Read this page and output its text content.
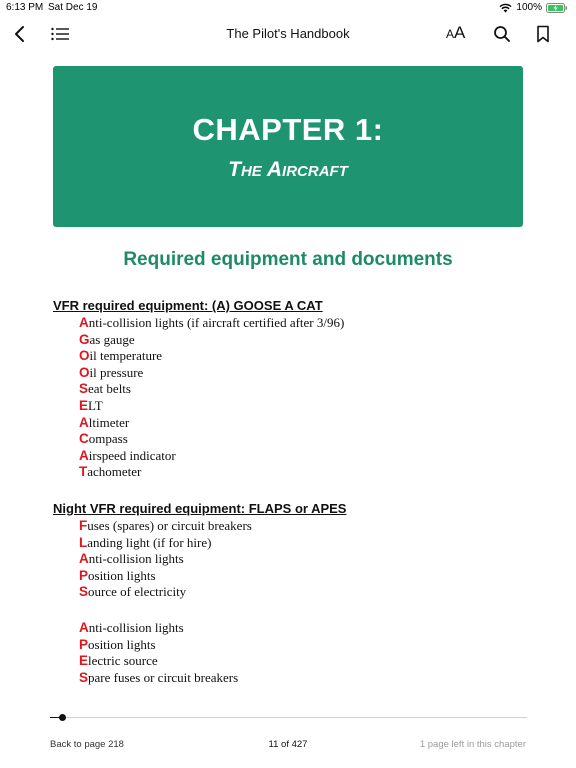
6:13 PM Sat Dec 19	100%
The Pilot's Handbook	AA
CHAPTER 1:
The Aircraft
Required equipment and documents
VFR required equipment: (A) GOOSE A CAT
Anti-collision lights (if aircraft certified after 3/96)
Gas gauge
Oil temperature
Oil pressure
Seat belts
ELT
Altimeter
Compass
Airspeed indicator
Tachometer
Night VFR required equipment: FLAPS or APES
Fuses (spares) or circuit breakers
Landing light (if for hire)
Anti-collision lights
Position lights
Source of electricity
Anti-collision lights
Position lights
Electric source
Spare fuses or circuit breakers
Back to page 218	11 of 427	1 page left in this chapter
